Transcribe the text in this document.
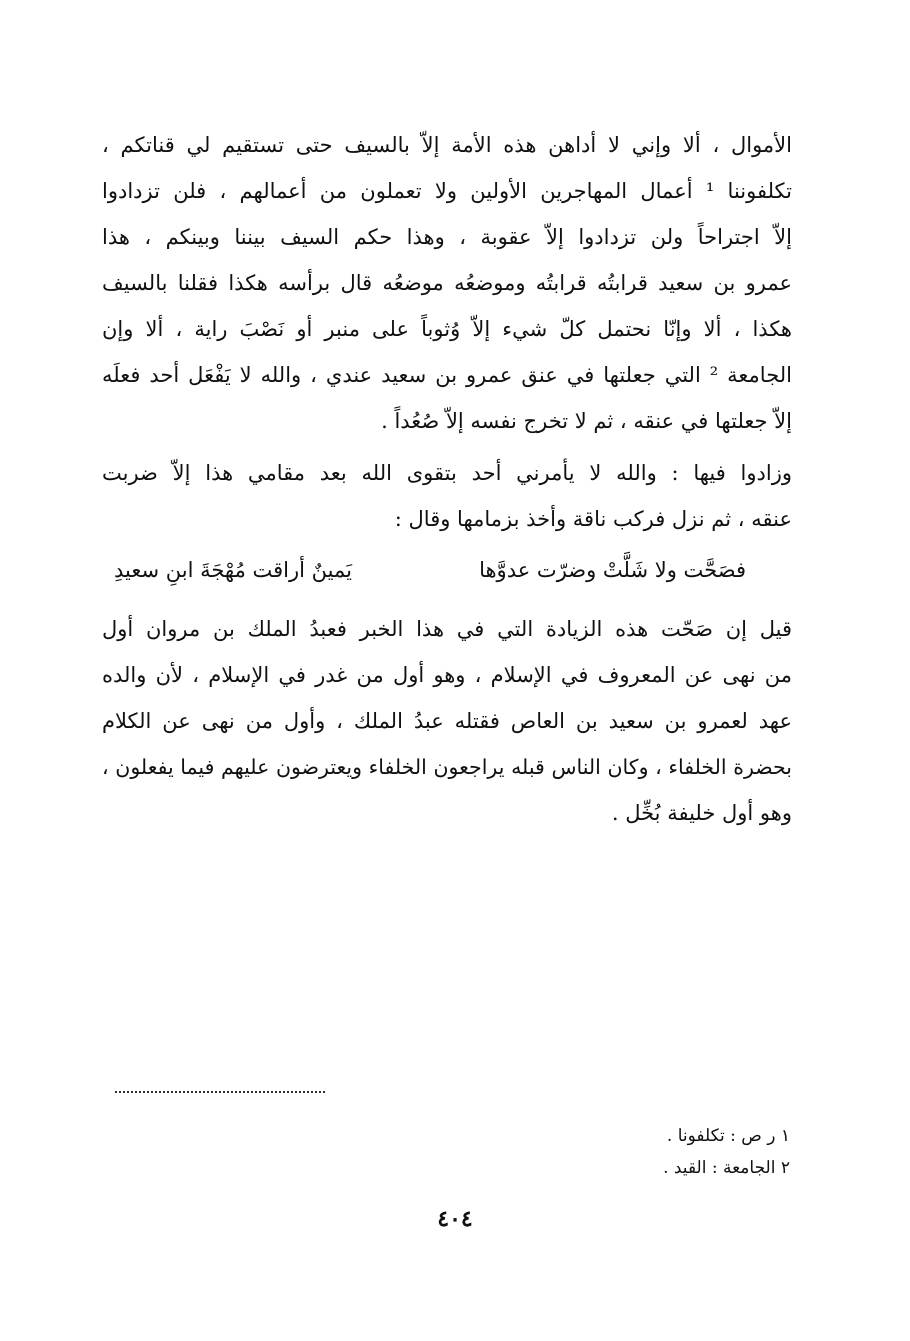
الأموال ، ألا وإني لا أداهن هذه الأمة إلاّ بالسيف حتى تستقيم لي قناتكم ،
تكلفوننا ¹ أعمال المهاجرين الأولين ولا تعملون من أعمالهم ، فلن تزدادوا
إلاّ اجتراحاً ولن تزدادوا إلاّ عقوبة ، وهذا حكم السيف بيننا وبينكم ، هذا
عمرو بن سعيد قرابتُه قرابتُه وموضعُه موضعُه قال برأسه هكذا فقلنا بالسيف
هكذا ، ألا وإنّا نحتمل كلّ شيء إلاّ وُثوباً على منبر أو نَصْبَ راية ، ألا وإن
الجامعة ² التي جعلتها في عنق عمرو بن سعيد عندي ، والله لا يَفْعَل أحد فعلَه
إلاّ جعلتها في عنقه ، ثم لا تخرج نفسه إلاّ صُعُداً .
وزادوا فيها : والله لا يأمرني أحد بتقوى الله بعد مقامي هذا إلاّ ضربت
عنقه ، ثم نزل فركب ناقة وأخذ بزمامها وقال :
فصَحَّت ولا شَلَّتْ وضرّت عدوَّها
يَمينٌ أراقت مُهْجَةَ ابنِ سعيدِ
قيل إن صَحّت هذه الزيادة التي في هذا الخبر فعبدُ الملك بن مروان أول
من نهى عن المعروف في الإسلام ، وهو أول من غدر في الإسلام ، لأن والده
عهد لعمرو بن سعيد بن العاص فقتله عبدُ الملك ، وأول من نهى عن الكلام
بحضرة الخلفاء ، وكان الناس قبله يراجعون الخلفاء ويعترضون عليهم فيما يفعلون ،
وهو أول خليفة بُخِّل .
١ ر ص : تكلفونا .
٢ الجامعة : القيد .
٤٠٤
